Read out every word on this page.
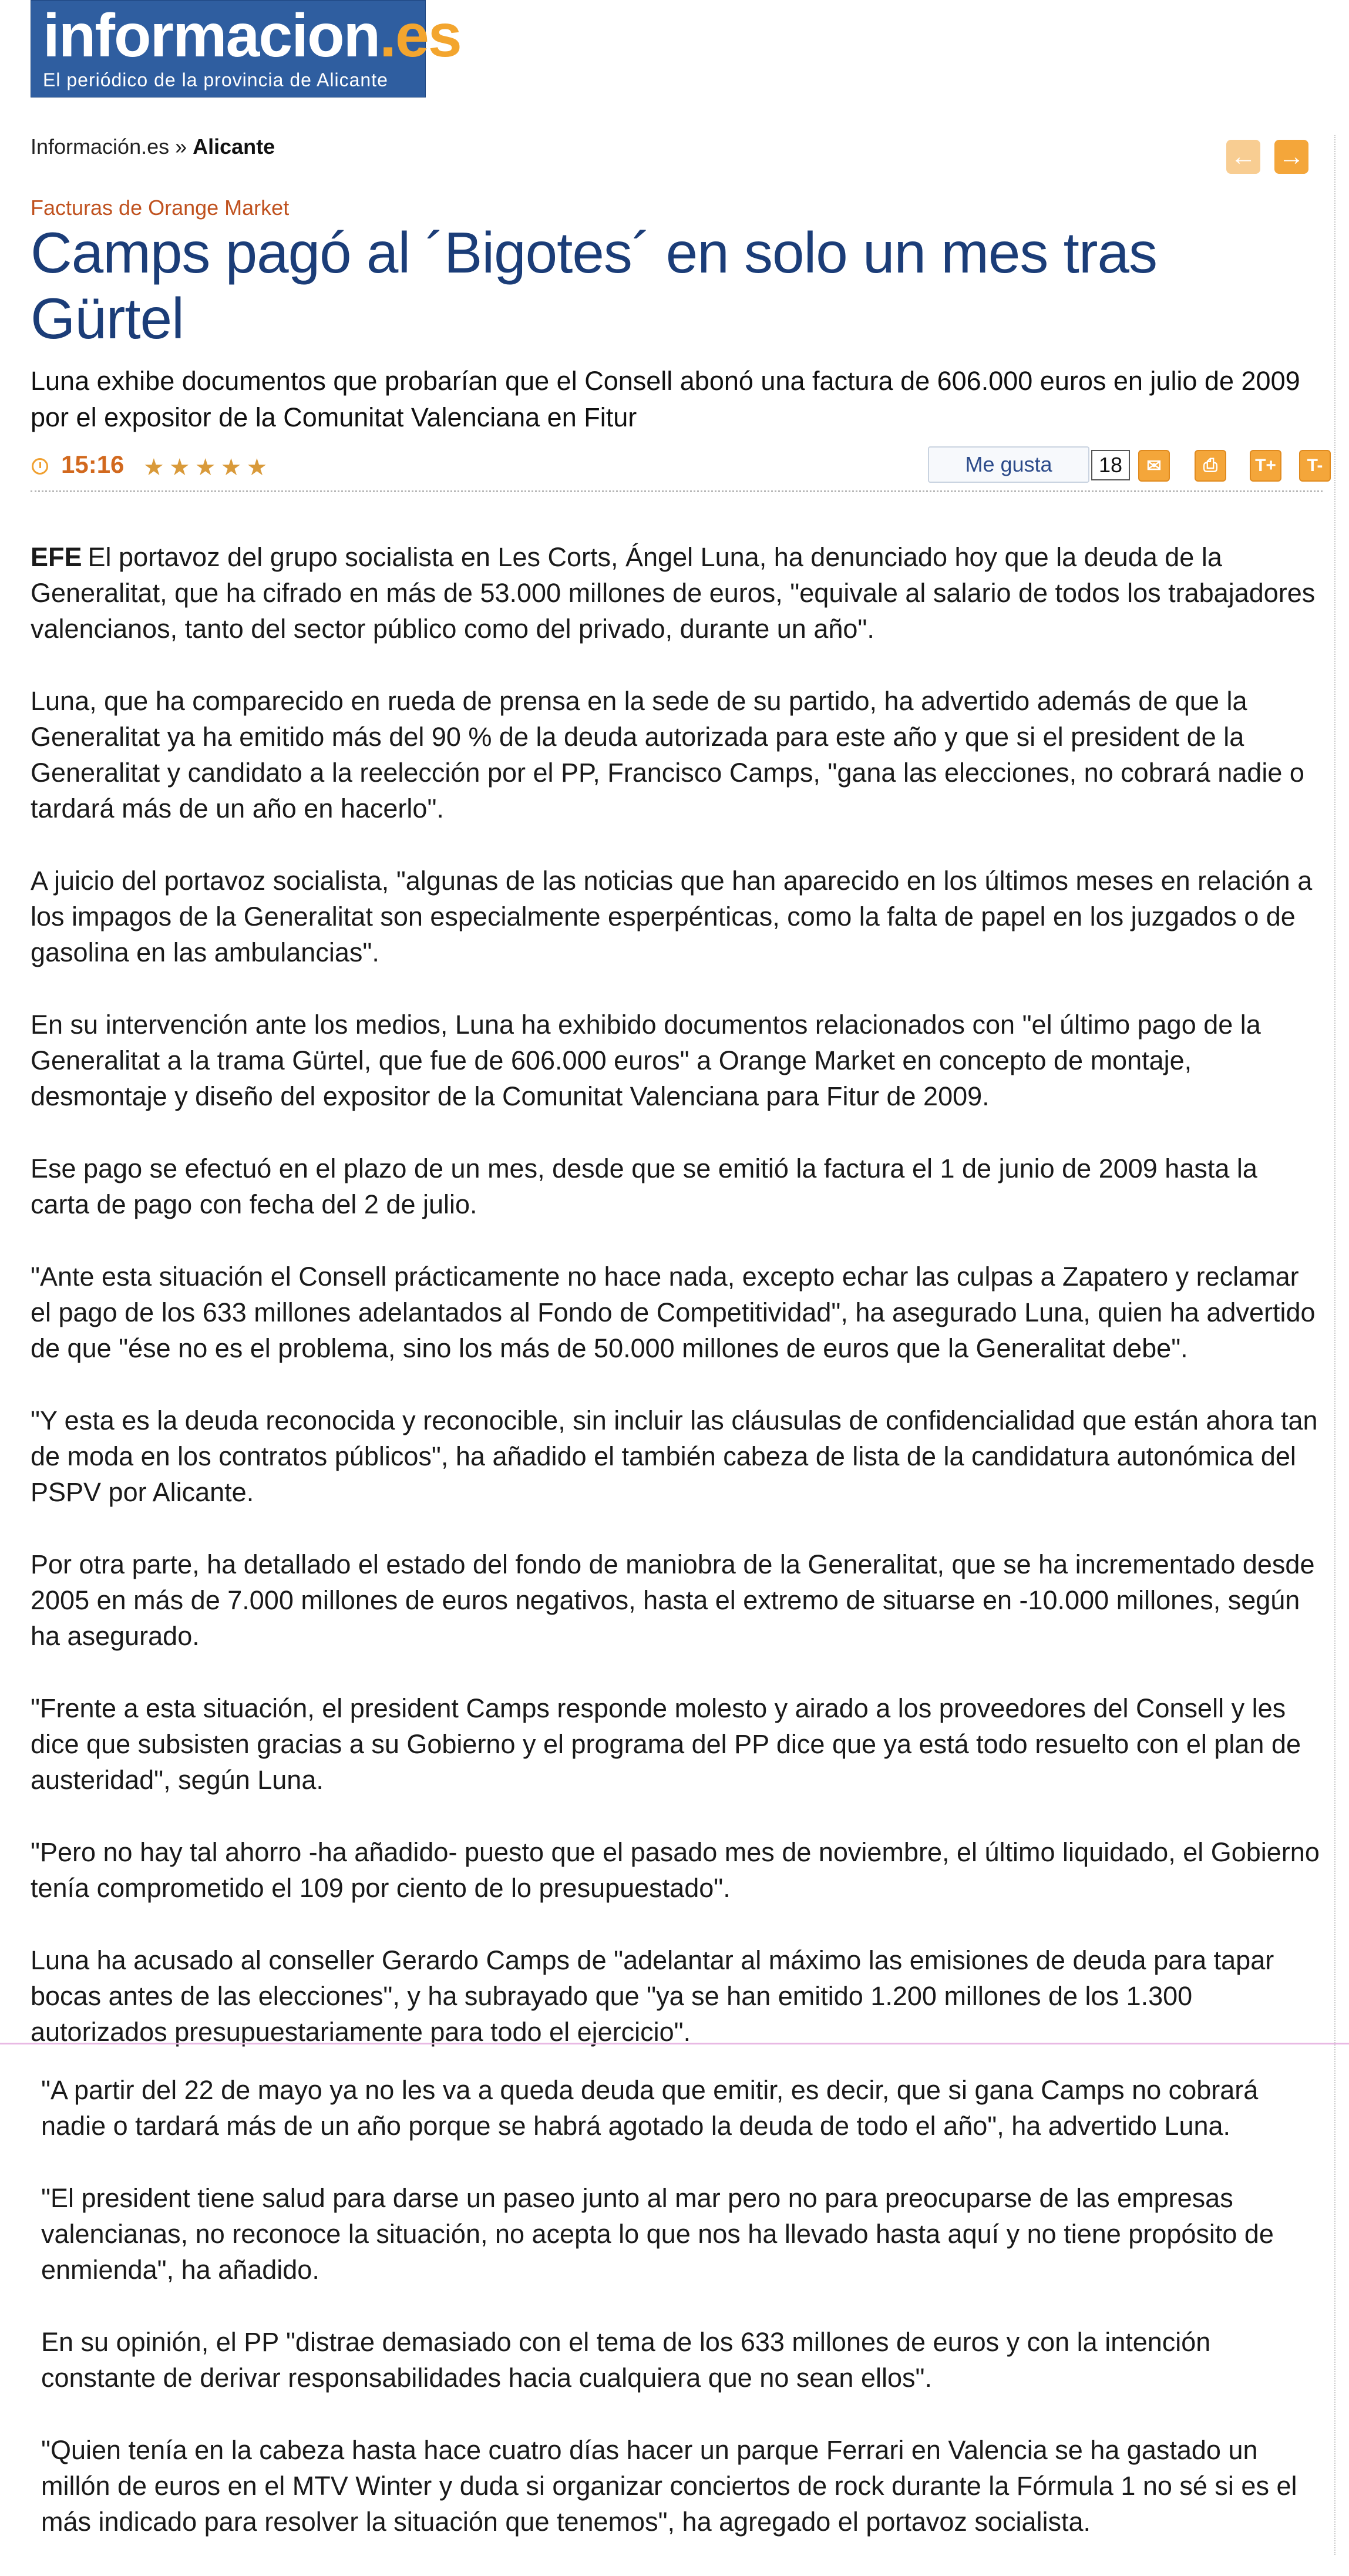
informacion.es
El periódico de la provincia de Alicante
Información.es » Alicante	← →
Facturas de Orange Market
Camps pagó al ´Bigotes´ en solo un mes tras Gürtel

Luna exhibe documentos que probarían que el Consell abonó una factura de 606.000 euros en julio de 2009 por el expositor de la Comunitat Valenciana en Fitur

15:16 ★ ★ ★ ★ ★	Me gusta	18	✉	⎙	T+	T-

EFE El portavoz del grupo socialista en Les Corts, Ángel Luna, ha denunciado hoy que la deuda de la Generalitat, que ha cifrado en más de 53.000 millones de euros, "equivale al salario de todos los trabajadores valencianos, tanto del sector público como del privado, durante un año".

Luna, que ha comparecido en rueda de prensa en la sede de su partido, ha advertido además de que la Generalitat ya ha emitido más del 90 % de la deuda autorizada para este año y que si el president de la Generalitat y candidato a la reelección por el PP, Francisco Camps, "gana las elecciones, no cobrará nadie o tardará más de un año en hacerlo".

A juicio del portavoz socialista, "algunas de las noticias que han aparecido en los últimos meses en relación a los impagos de la Generalitat son especialmente esperpénticas, como la falta de papel en los juzgados o de gasolina en las ambulancias".

En su intervención ante los medios, Luna ha exhibido documentos relacionados con "el último pago de la Generalitat a la trama Gürtel, que fue de 606.000 euros" a Orange Market en concepto de montaje, desmontaje y diseño del expositor de la Comunitat Valenciana para Fitur de 2009.

Ese pago se efectuó en el plazo de un mes, desde que se emitió la factura el 1 de junio de 2009 hasta la carta de pago con fecha del 2 de julio.

"Ante esta situación el Consell prácticamente no hace nada, excepto echar las culpas a Zapatero y reclamar el pago de los 633 millones adelantados al Fondo de Competitividad", ha asegurado Luna, quien ha advertido de que "ése no es el problema, sino los más de 50.000 millones de euros que la Generalitat debe".

"Y esta es la deuda reconocida y reconocible, sin incluir las cláusulas de confidencialidad que están ahora tan de moda en los contratos públicos", ha añadido el también cabeza de lista de la candidatura autonómica del PSPV por Alicante.

Por otra parte, ha detallado el estado del fondo de maniobra de la Generalitat, que se ha incrementado desde 2005 en más de 7.000 millones de euros negativos, hasta el extremo de situarse en -10.000 millones, según ha asegurado.

"Frente a esta situación, el president Camps responde molesto y airado a los proveedores del Consell y les dice que subsisten gracias a su Gobierno y el programa del PP dice que ya está todo resuelto con el plan de austeridad", según Luna.

"Pero no hay tal ahorro -ha añadido- puesto que el pasado mes de noviembre, el último liquidado, el Gobierno tenía comprometido el 109 por ciento de lo presupuestado".

Luna ha acusado al conseller Gerardo Camps de "adelantar al máximo las emisiones de deuda para tapar bocas antes de las elecciones", y ha subrayado que "ya se han emitido 1.200 millones de los 1.300 autorizados presupuestariamente para todo el ejercicio".

"A partir del 22 de mayo ya no les va a queda deuda que emitir, es decir, que si gana Camps no cobrará nadie o tardará más de un año porque se habrá agotado la deuda de todo el año", ha advertido Luna.

"El president tiene salud para darse un paseo junto al mar pero no para preocuparse de las empresas valencianas, no reconoce la situación, no acepta lo que nos ha llevado hasta aquí y no tiene propósito de enmienda", ha añadido.

En su opinión, el PP "distrae demasiado con el tema de los 633 millones de euros y con la intención constante de derivar responsabilidades hacia cualquiera que no sean ellos".

"Quien tenía en la cabeza hasta hace cuatro días hacer un parque Ferrari en Valencia se ha gastado un millón de euros en el MTV Winter y duda si organizar conciertos de rock durante la Fórmula 1 no sé si es el más indicado para resolver la situación que tenemos", ha agregado el portavoz socialista.
